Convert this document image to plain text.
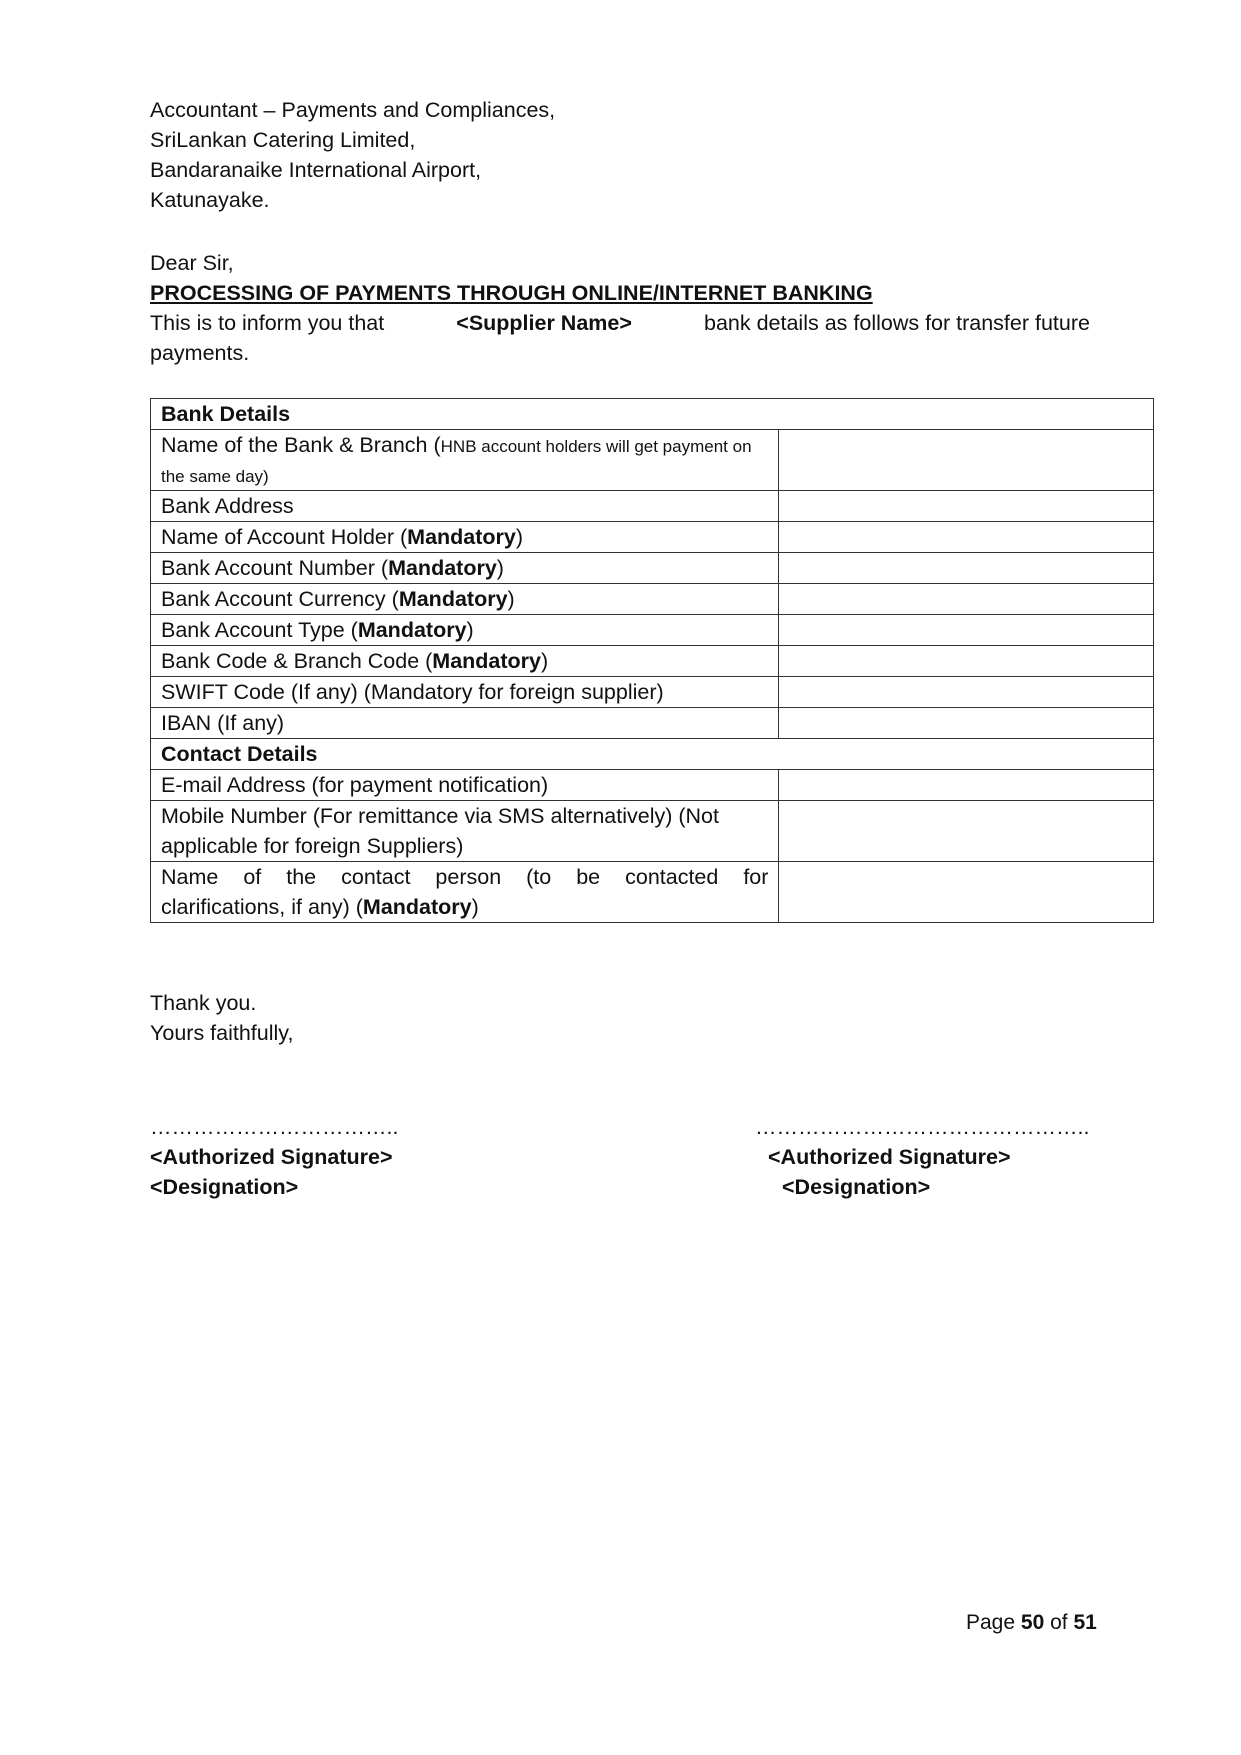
Accountant – Payments and Compliances,
SriLankan Catering Limited,
Bandaranaike International Airport,
Katunayake.
Dear Sir,
PROCESSING OF PAYMENTS THROUGH ONLINE/INTERNET BANKING
This is to inform you that	<Supplier Name>	bank details as follows for transfer future
payments.
Bank Details	
Name of the Bank & Branch (HNB account holders will get payment on the same day)	
Bank Address	
Name of Account Holder (Mandatory)	
Bank Account Number (Mandatory)	
Bank Account Currency (Mandatory)	
Bank Account Type (Mandatory)	
Bank Code & Branch Code (Mandatory)	
SWIFT Code (If any) (Mandatory for foreign supplier)	
IBAN (If any)	
Contact Details	
E-mail Address (for payment notification)	

Mobile Number (For remittance via SMS alternatively) (Not
applicable for foreign Suppliers)	

Name of the contact person (to be contacted for
clarifications, if any) (Mandatory)	

Thank you.
Yours faithfully,
……………………………..	………………………………………..
<Authorized Signature>
<Designation>
<Authorized Signature>
<Designation>
Page 50 of 51
